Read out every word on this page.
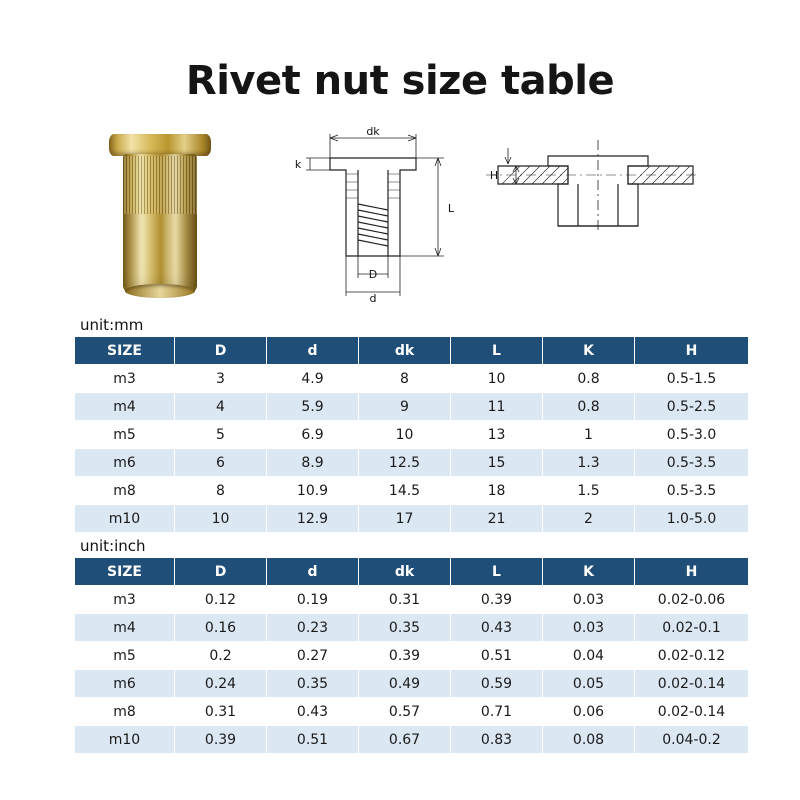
Rivet nut size table
dk
k
L
D
d
H
unit:mm
SIZE	D	d	dk	L	K	H
m3	3	4.9	8	10	0.8	0.5-1.5
m4	4	5.9	9	11	0.8	0.5-2.5
m5	5	6.9	10	13	1	0.5-3.0
m6	6	8.9	12.5	15	1.3	0.5-3.5
m8	8	10.9	14.5	18	1.5	0.5-3.5
m10	10	12.9	17	21	2	1.0-5.0
unit:inch
SIZE	D	d	dk	L	K	H
m3	0.12	0.19	0.31	0.39	0.03	0.02-0.06
m4	0.16	0.23	0.35	0.43	0.03	0.02-0.1
m5	0.2	0.27	0.39	0.51	0.04	0.02-0.12
m6	0.24	0.35	0.49	0.59	0.05	0.02-0.14
m8	0.31	0.43	0.57	0.71	0.06	0.02-0.14
m10	0.39	0.51	0.67	0.83	0.08	0.04-0.2
